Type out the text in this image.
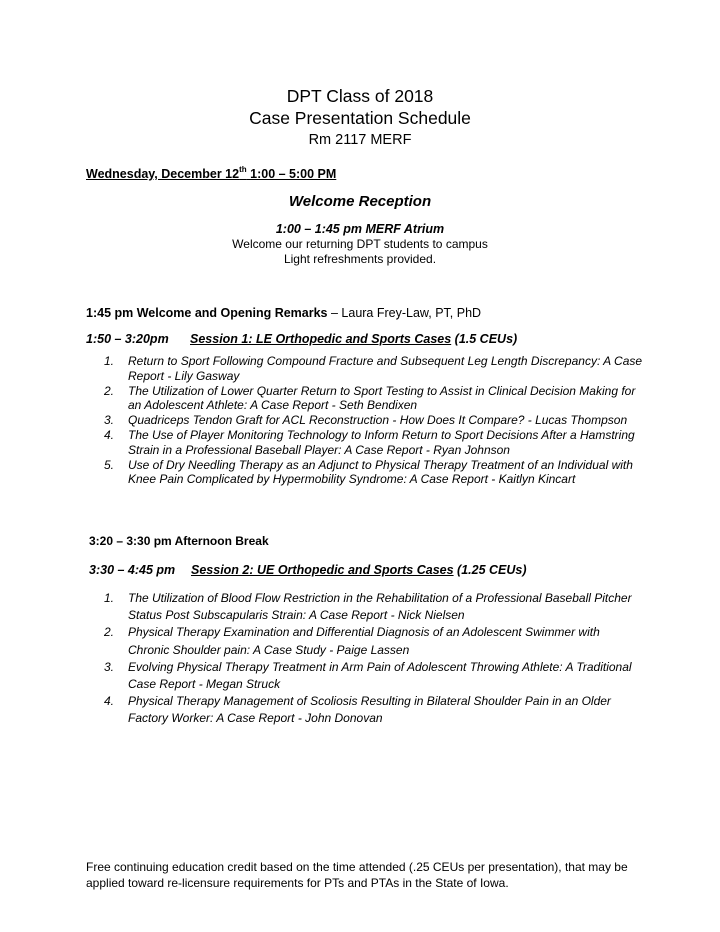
DPT Class of 2018
Case Presentation Schedule
Rm 2117 MERF
Wednesday, December 12th 1:00 – 5:00 PM
Welcome Reception
1:00 – 1:45 pm MERF Atrium
Welcome our returning DPT students to campus
Light refreshments provided.
1:45 pm Welcome and Opening Remarks – Laura Frey-Law, PT, PhD
1:50 – 3:20pm Session 1: LE Orthopedic and Sports Cases (1.5 CEUs)
1.	Return to Sport Following Compound Fracture and Subsequent Leg Length Discrepancy: A Case Report - Lily Gasway
2.	The Utilization of Lower Quarter Return to Sport Testing to Assist in Clinical Decision Making for an Adolescent Athlete: A Case Report - Seth Bendixen
3.	Quadriceps Tendon Graft for ACL Reconstruction - How Does It Compare? - Lucas Thompson
4.	The Use of Player Monitoring Technology to Inform Return to Sport Decisions After a Hamstring Strain in a Professional Baseball Player: A Case Report - Ryan Johnson
5.	Use of Dry Needling Therapy as an Adjunct to Physical Therapy Treatment of an Individual with Knee Pain Complicated by Hypermobility Syndrome: A Case Report - Kaitlyn Kincart
3:20 – 3:30 pm Afternoon Break
3:30 – 4:45 pm Session 2: UE Orthopedic and Sports Cases (1.25 CEUs)
1.	The Utilization of Blood Flow Restriction in the Rehabilitation of a Professional Baseball Pitcher Status Post Subscapularis Strain: A Case Report - Nick Nielsen
2.	Physical Therapy Examination and Differential Diagnosis of an Adolescent Swimmer with Chronic Shoulder pain: A Case Study - Paige Lassen
3.	Evolving Physical Therapy Treatment in Arm Pain of Adolescent Throwing Athlete: A Traditional Case Report - Megan Struck
4.	Physical Therapy Management of Scoliosis Resulting in Bilateral Shoulder Pain in an Older Factory Worker: A Case Report - John Donovan
Free continuing education credit based on the time attended (.25 CEUs per presentation), that may be applied toward re-licensure requirements for PTs and PTAs in the State of Iowa.
